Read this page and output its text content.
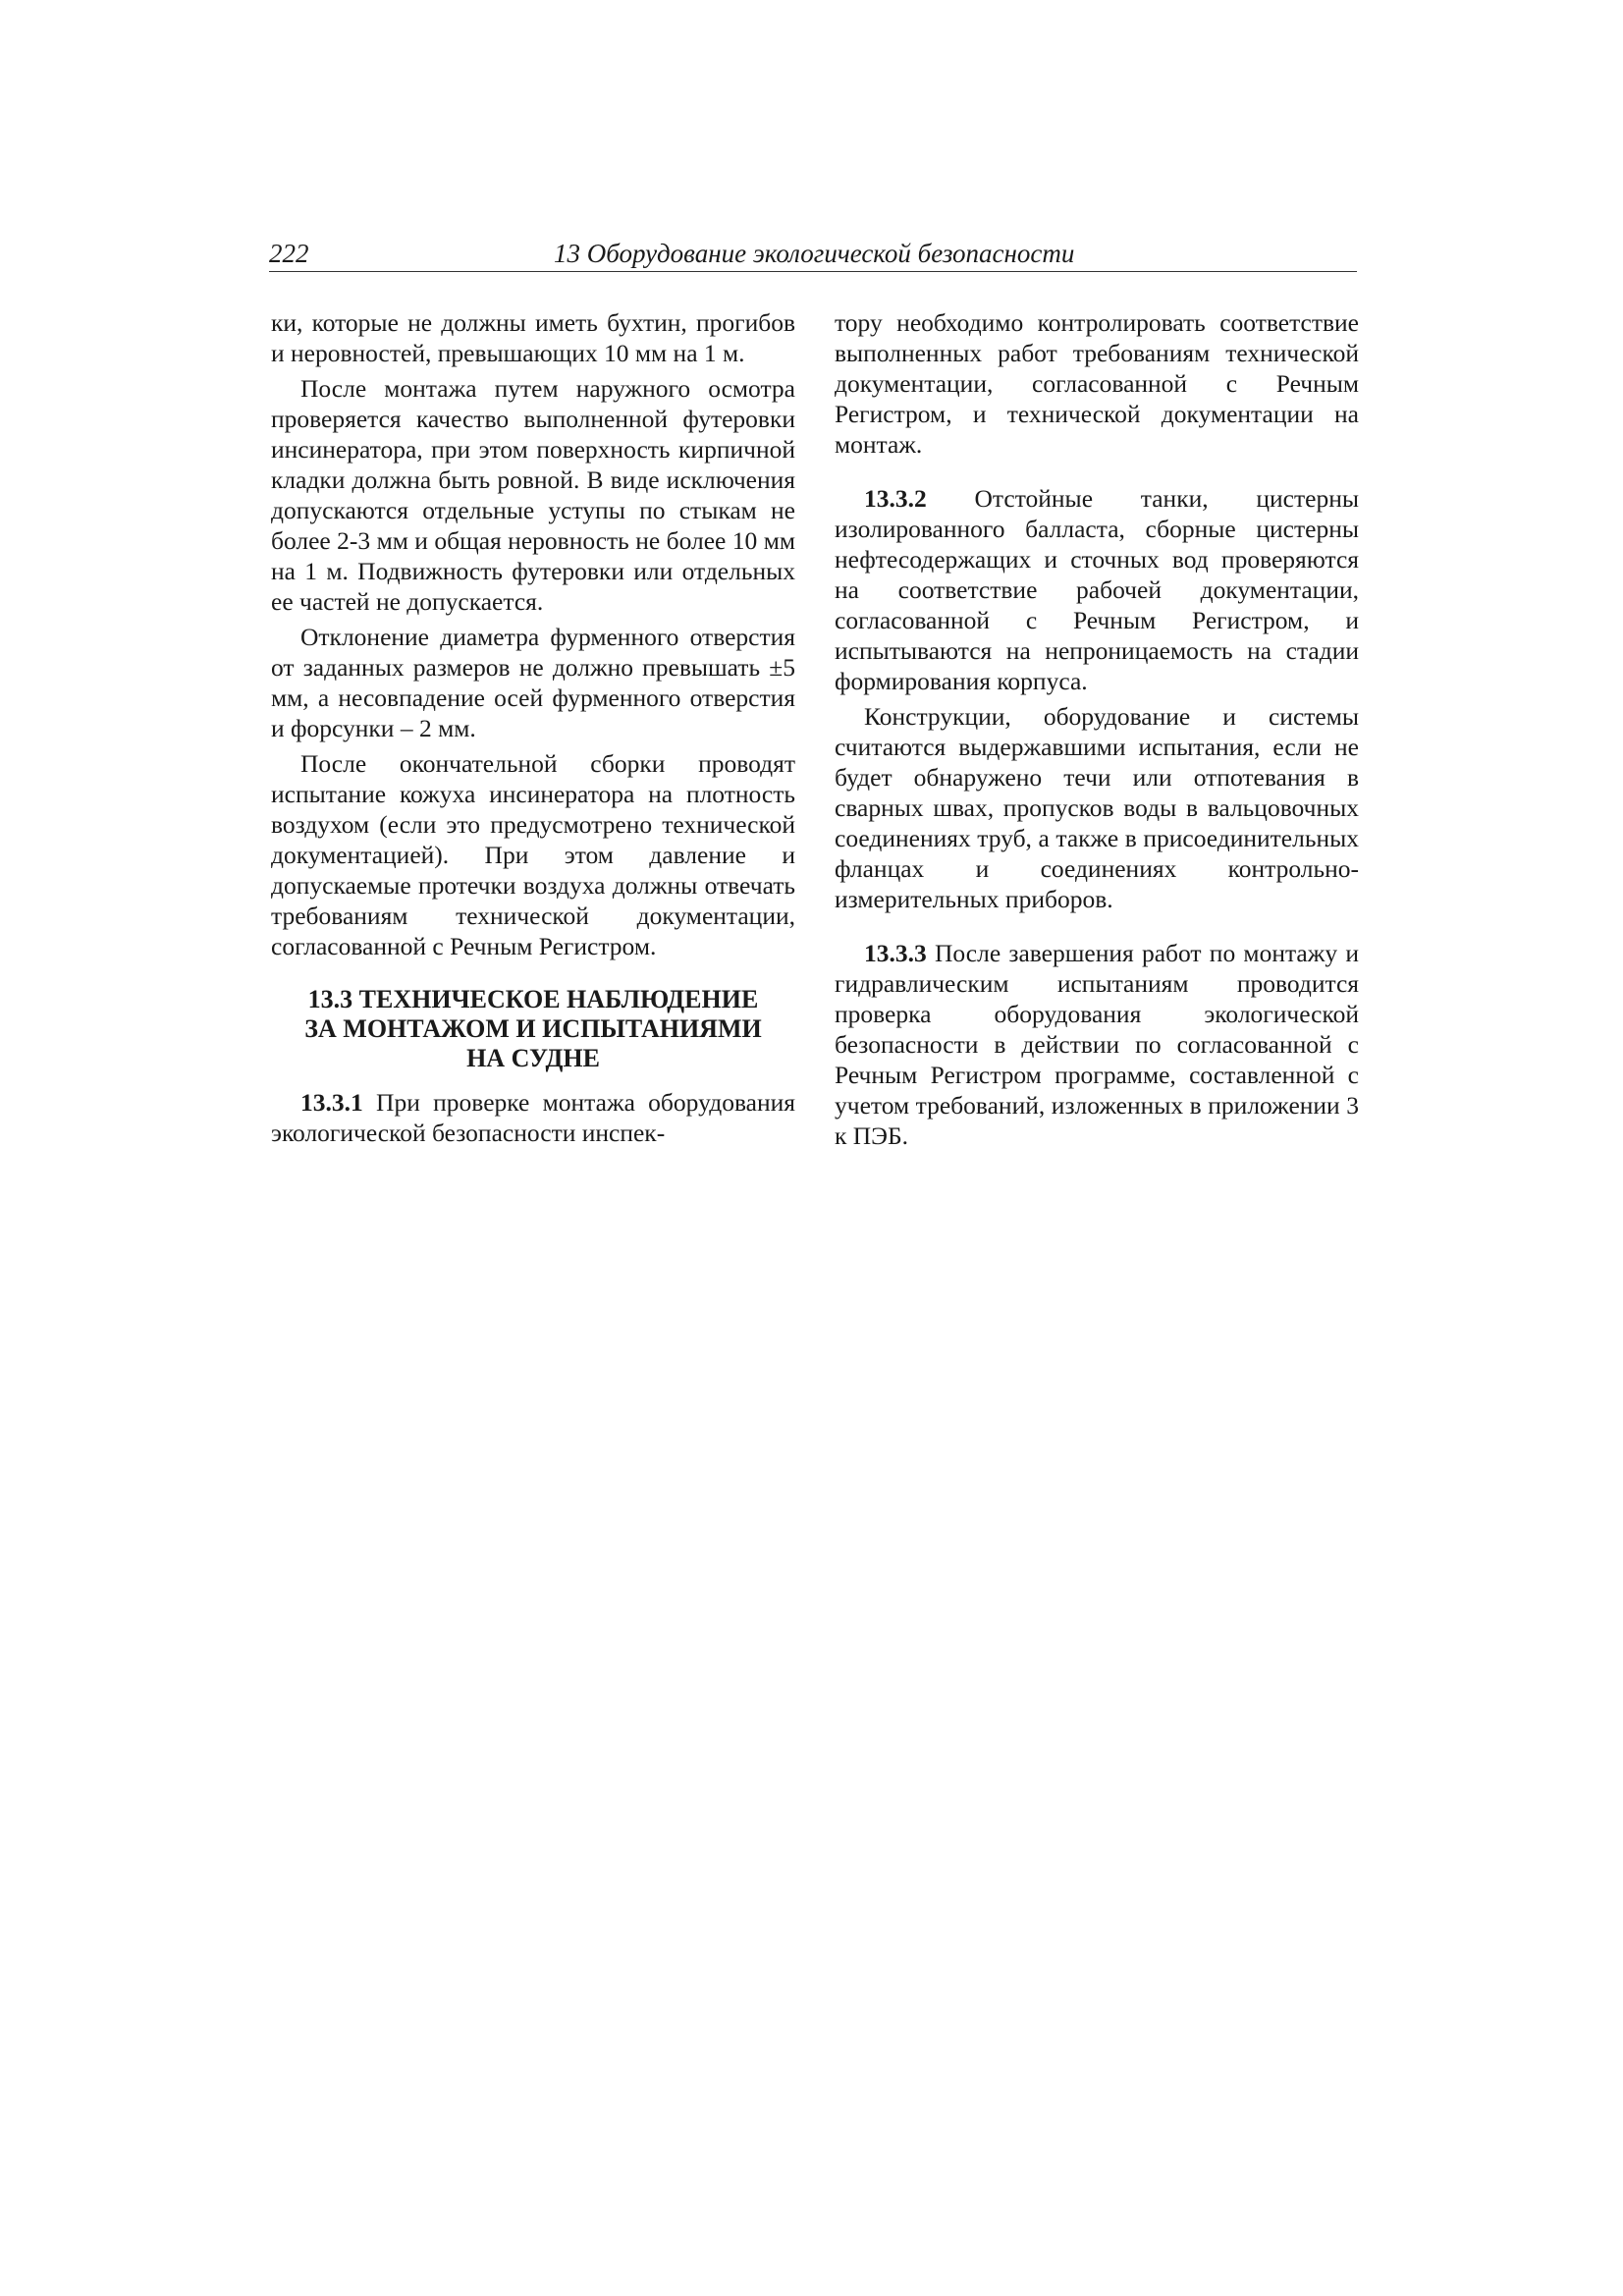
222	13 Оборудование экологической безопасности

ки, которые не должны иметь бухтин, прогибов и неровностей, превышающих 10 мм на 1 м.

После монтажа путем наружного осмотра проверяется качество выполненной футеровки инсинератора, при этом поверхность кирпичной кладки должна быть ровной. В виде исключения допускаются отдельные уступы по стыкам не более 2-3 мм и общая неровность не более 10 мм на 1 м. Подвижность футеровки или отдельных ее частей не допускается.

Отклонение диаметра фурменного отверстия от заданных размеров не должно превышать ±5 мм, а несовпадение осей фурменного отверстия и форсунки – 2 мм.

После окончательной сборки проводят испытание кожуха инсинератора на плотность воздухом (если это предусмотрено технической документацией). При этом давление и допускаемые протечки воздуха должны отвечать требованиям технической документации, согласованной с Речным Регистром.

13.3 ТЕХНИЧЕСКОЕ НАБЛЮДЕНИЕ
ЗА МОНТАЖОМ И ИСПЫТАНИЯМИ
НА СУДНЕ

13.3.1 При проверке монтажа оборудования экологической безопасности инспек-

тору необходимо контролировать соответствие выполненных работ требованиям технической документации, согласованной с Речным Регистром, и технической документации на монтаж.

13.3.2 Отстойные танки, цистерны изолированного балласта, сборные цистерны нефтесодержащих и сточных вод проверяются на соответствие рабочей документации, согласованной с Речным Регистром, и испытываются на непроницаемость на стадии формирования корпуса.

Конструкции, оборудование и системы считаются выдержавшими испытания, если не будет обнаружено течи или отпотевания в сварных швах, пропусков воды в вальцовочных соединениях труб, а также в присоединительных фланцах и соединениях контрольно-измерительных приборов.

13.3.3 После завершения работ по монтажу и гидравлическим испытаниям проводится проверка оборудования экологической безопасности в действии по согласованной с Речным Регистром программе, составленной с учетом требований, изложенных в приложении 3 к ПЭБ.
